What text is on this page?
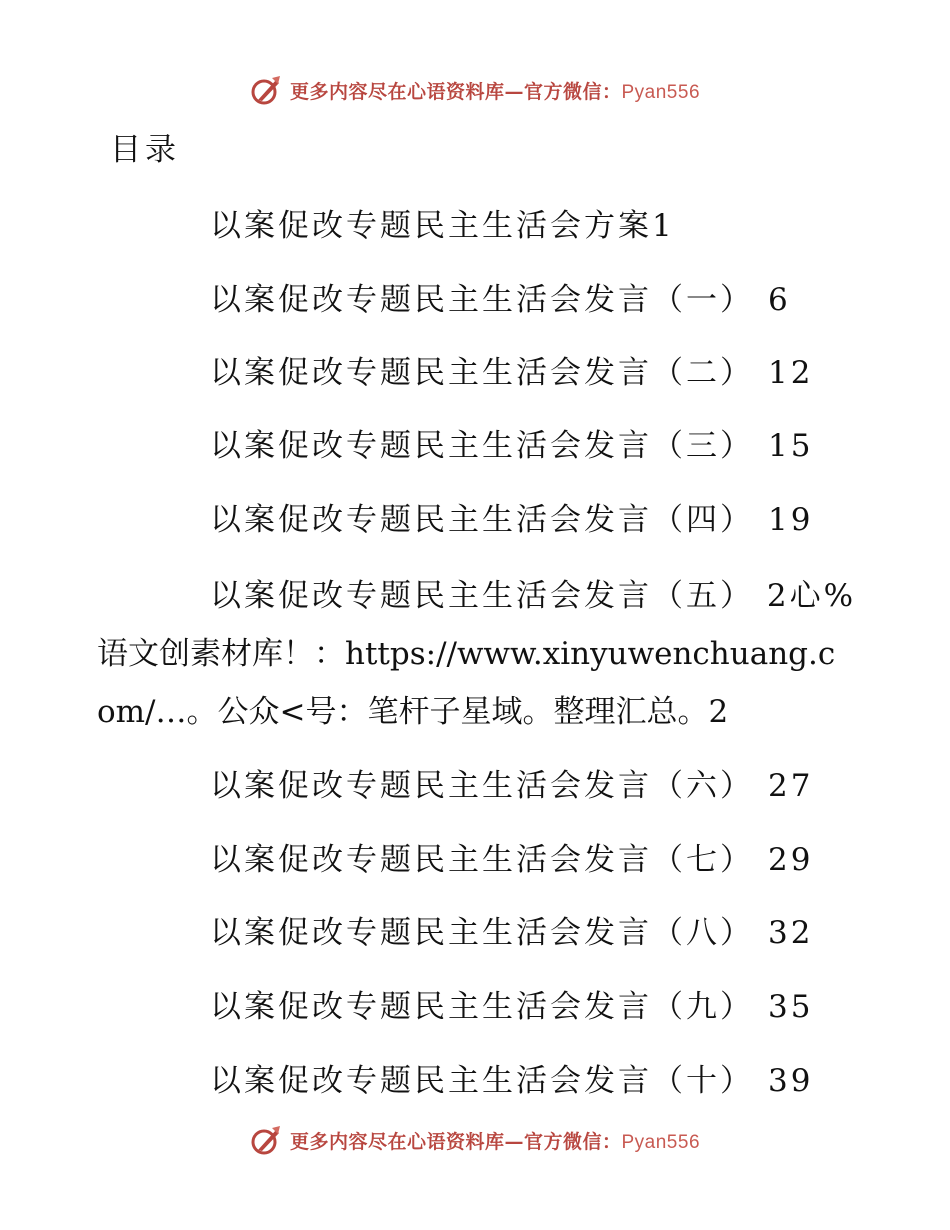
更多内容尽在心语资料库—官方微信：Pyan556
目录
以案促改专题民主生活会方案1
以案促改专题民主生活会发言（一） 6
以案促改专题民主生活会发言（二） 12
以案促改专题民主生活会发言（三） 15
以案促改专题民主生活会发言（四） 19
以案促改专题民主生活会发言（五） 2心%
语文创素材库！：https://www.xinyuwenchuang.c
om/…。公众<号：笔杆子星域。整理汇总。2
以案促改专题民主生活会发言（六） 27
以案促改专题民主生活会发言（七） 29
以案促改专题民主生活会发言（八） 32
以案促改专题民主生活会发言（九） 35
以案促改专题民主生活会发言（十） 39
更多内容尽在心语资料库—官方微信：Pyan556
